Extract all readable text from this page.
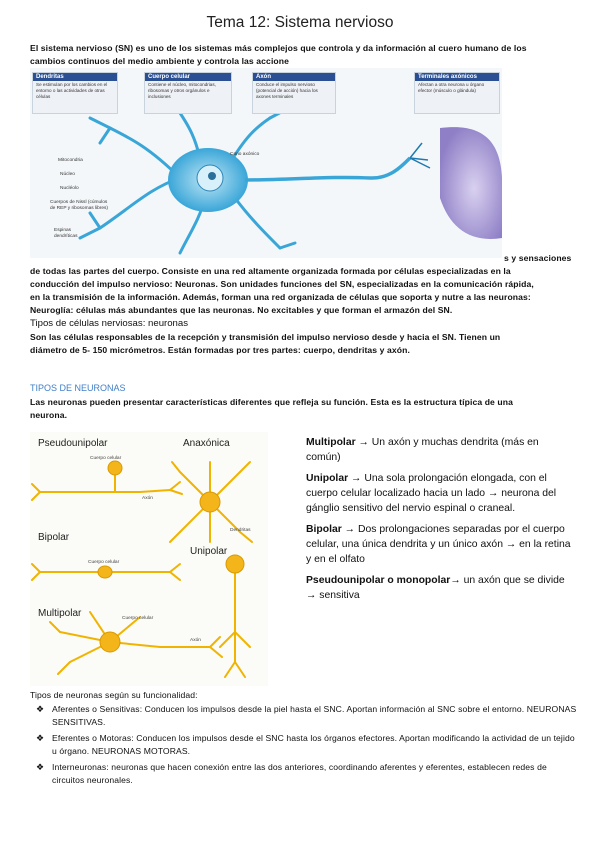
Tema 12: Sistema nervioso
El sistema nervioso (SN) es uno de los sistemas más complejos que controla y da información al cuero humano de los
cambios continuos del medio ambiente y controla las accione
Dendritas
Se estimulan por los cambios en el entorno o las actividades de otras células
Cuerpo celular
Contiene el núcleo, mitocondrias, ribosomas y otros orgánulos e inclusiones
Axón
Conduce el impulso nervioso (potencial de acción) hacia los axones terminales
Terminales axónicos
Afectan a otra neurona u órgano efector (músculo o glándula)
Mitocondria
Núcleo
Nucléolo
Cuerpos de Nissl (cúmulos de REP y ribosomas libres)
Espinas dendríticas
Cono axónico
s y sensaciones
de todas las partes del cuerpo. Consiste en una red altamente organizada formada por células especializadas en la
conducción del impulso nervioso: Neuronas. Son unidades funciones del SN, especializadas en la comunicación rápida,
en la transmisión de la información. Además, forman una red organizada de células que soporta y nutre a las neuronas:
Neuroglía: células más abundantes que las neuronas. No excitables y que forman el armazón del SN.
Tipos de células nerviosas: neuronas
Son las células responsables de la recepción y transmisión del impulso nervioso desde y hacia el SN. Tienen un
diámetro de 5- 150 micrómetros. Están formadas por tres partes: cuerpo, dendritas y axón.
TIPOS DE NEURONAS
Las neuronas pueden presentar características diferentes que refleja su función. Esta es la estructura típica de una
neurona.
Pseudounipolar	Anaxónica
Bipolar
Unipolar
Multipolar
Cuerpo celular
Axón
Dendritas
Cuerpo celular
Cuerpo celular
Axón
Multipolar → Un axón y muchas dendrita (más en común)
Unipolar → Una sola prolongación elongada, con el cuerpo celular localizado hacia un lado → neurona del gánglio sensitivo del nervio espinal o craneal.
Bipolar → Dos prolongaciones separadas por el cuerpo celular, una única dendrita y un único axón → en la retina y en el olfato
Pseudounipolar o monopolar→ un axón que se divide → sensitiva
Tipos de neuronas según su funcionalidad:
❖ Aferentes o Sensitivas: Conducen los impulsos desde la piel hasta el SNC. Aportan información al SNC sobre el entorno. NEURONAS SENSITIVAS.
❖ Eferentes o Motoras: Conducen los impulsos desde el SNC hasta los órganos efectores. Aportan modificando la actividad de un tejido u órgano. NEURONAS MOTORAS.
❖ Interneuronas: neuronas que hacen conexión entre las dos anteriores, coordinando aferentes y eferentes, establecen redes de circuitos neuronales.
